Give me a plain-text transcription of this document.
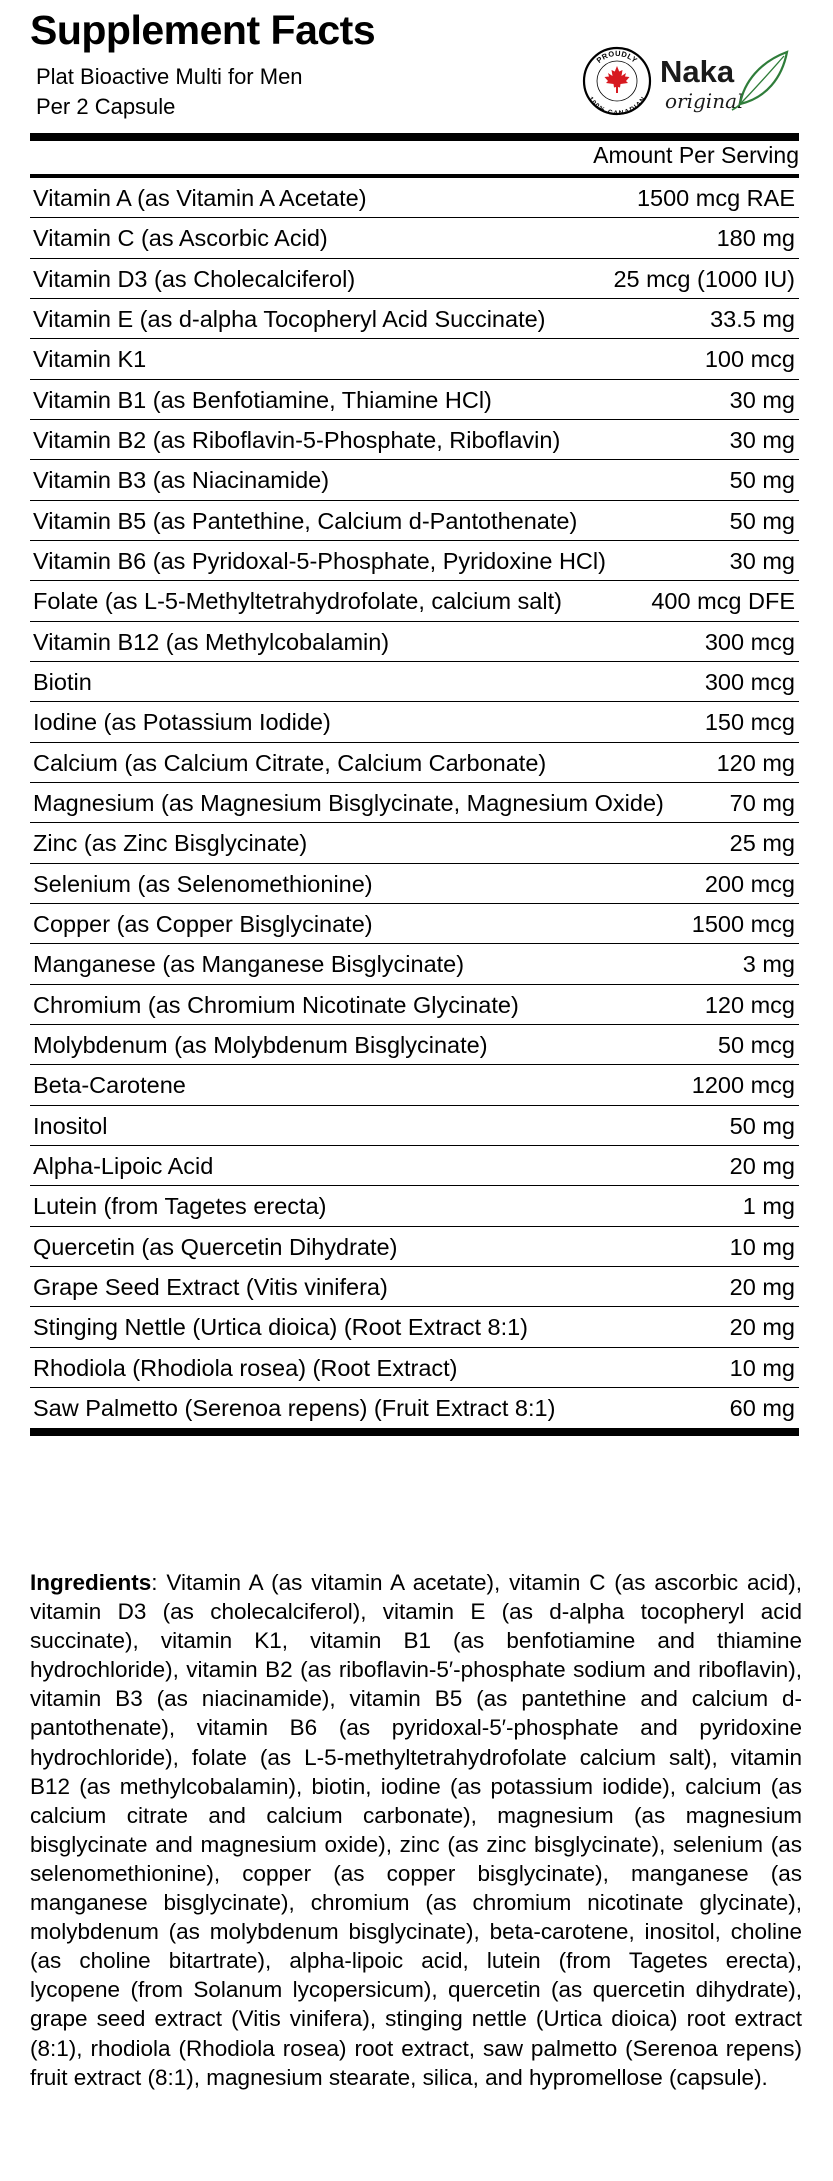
Supplement Facts
Plat Bioactive Multi for Men
Per 2 Capsule
PROUDLY
100% CANADIAN
Naka
original
Amount Per Serving
Vitamin A (as Vitamin A Acetate)	1500 mcg RAE
Vitamin C (as Ascorbic Acid)	180 mg
Vitamin D3 (as Cholecalciferol)	25 mcg (1000 IU)
Vitamin E (as d-alpha Tocopheryl Acid Succinate)	33.5 mg
Vitamin K1	100 mcg
Vitamin B1 (as Benfotiamine, Thiamine HCl)	30 mg
Vitamin B2 (as Riboflavin-5-Phosphate, Riboflavin)	30 mg
Vitamin B3 (as Niacinamide)	50 mg
Vitamin B5 (as Pantethine, Calcium d-Pantothenate)	50 mg
Vitamin B6 (as Pyridoxal-5-Phosphate, Pyridoxine HCl)	30 mg
Folate (as L-5-Methyltetrahydrofolate, calcium salt)	400 mcg DFE
Vitamin B12 (as Methylcobalamin)	300 mcg
Biotin	300 mcg
Iodine (as Potassium Iodide)	150 mcg
Calcium (as Calcium Citrate, Calcium Carbonate)	120 mg
Magnesium (as Magnesium Bisglycinate, Magnesium Oxide)	70 mg
Zinc (as Zinc Bisglycinate)	25 mg
Selenium (as Selenomethionine)	200 mcg
Copper (as Copper Bisglycinate)	1500 mcg
Manganese (as Manganese Bisglycinate)	3 mg
Chromium (as Chromium Nicotinate Glycinate)	120 mcg
Molybdenum (as Molybdenum Bisglycinate)	50 mcg
Beta-Carotene	1200 mcg
Inositol	50 mg
Alpha-Lipoic Acid	20 mg
Lutein (from Tagetes erecta)	1 mg
Quercetin (as Quercetin Dihydrate)	10 mg
Grape Seed Extract (Vitis vinifera)	20 mg
Stinging Nettle (Urtica dioica) (Root Extract 8:1)	20 mg
Rhodiola (Rhodiola rosea) (Root Extract)	10 mg
Saw Palmetto (Serenoa repens) (Fruit Extract 8:1)	60 mg
Ingredients: Vitamin A (as vitamin A acetate), vitamin C (as ascorbic acid), vitamin D3 (as cholecalciferol), vitamin E (as d-alpha tocopheryl acid succinate), vitamin K1, vitamin B1 (as benfotiamine and thiamine hydrochloride), vitamin B2 (as riboflavin-5′-phosphate sodium and riboflavin), vitamin B3 (as niacinamide), vitamin B5 (as pantethine and calcium d-pantothenate), vitamin B6 (as pyridoxal-5′-phosphate and pyridoxine hydrochloride), folate (as L-5-methyltetrahydrofolate calcium salt), vitamin B12 (as methylcobalamin), biotin, iodine (as potassium iodide), calcium (as calcium citrate and calcium carbonate), magnesium (as magnesium bisglycinate and magnesium oxide), zinc (as zinc bisglycinate), selenium (as selenomethionine), copper (as copper bisglycinate), manganese (as manganese bisglycinate), chromium (as chromium nicotinate glycinate), molybdenum (as molybdenum bisglycinate), beta-carotene, inositol, choline (as choline bitartrate), alpha-lipoic acid, lutein (from Tagetes erecta), lycopene (from Solanum lycopersicum), quercetin (as quercetin dihydrate), grape seed extract (Vitis vinifera), stinging nettle (Urtica dioica) root extract (8:1), rhodiola (Rhodiola rosea) root extract, saw palmetto (Serenoa repens) fruit extract (8:1), magnesium stearate, silica, and hypromellose (capsule).
